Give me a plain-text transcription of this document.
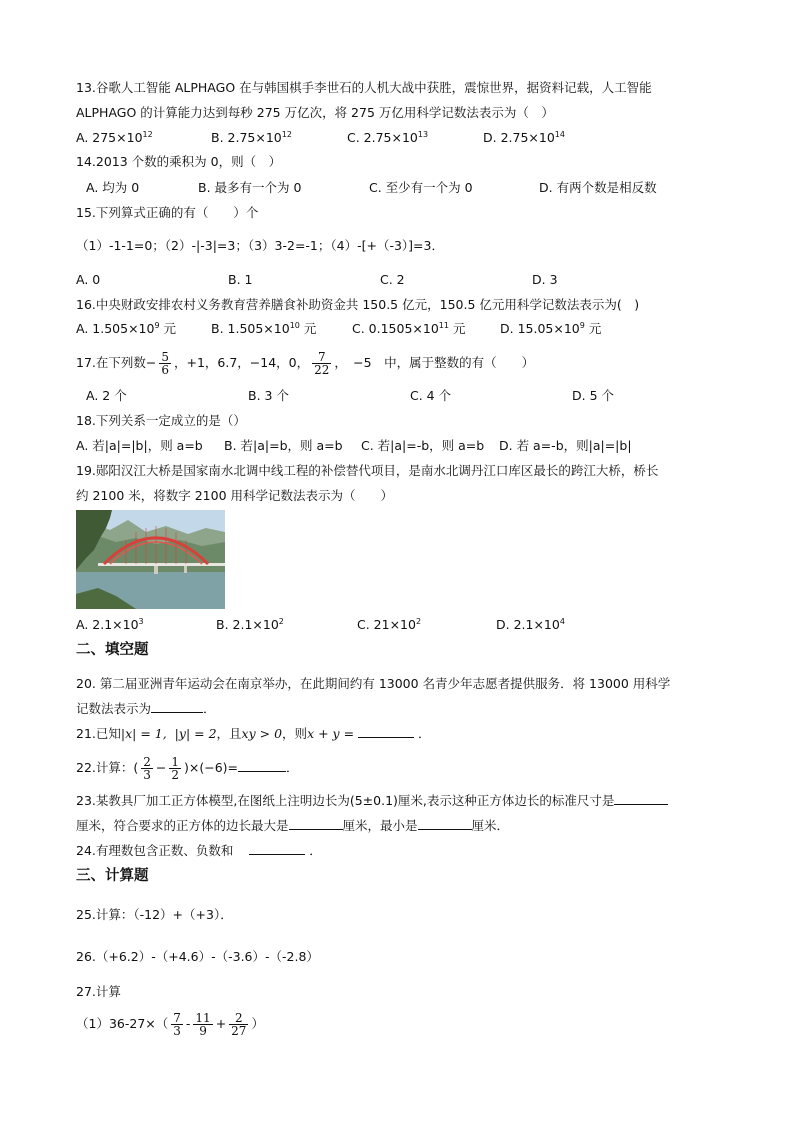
13.谷歌人工智能 ALPHAGO 在与韩国棋手李世石的人机大战中获胜，震惊世界，据资料记载，人工智能
ALPHAGO 的计算能力达到每秒 275 万亿次，将 275 万亿用科学记数法表示为（　）
A. $275\times 10^{12}$	B. $2.75\times 10^{12}$	C. $2.75\times 10^{13}$	D. $2.75\times 10^{14}$
14.2013 个数的乘积为 0，则（　）
A. 均为 0	B. 最多有一个为 0	C. 至少有一个为 0	D. 有两个数是相反数
15.下列算式正确的有（　　）个
（1）-1-1=0；（2）-|-3|=3；（3）3-2=-1；（4）-[+（-3）]=3．
A. 0	B. 1	C. 2	D. 3
16.中央财政安排农村义务教育营养膳食补助资金共 150.5 亿元，150.5 亿元用科学记数法表示为(　)
A. $1.505\times 10^9$ 元	B. $1.505\times 10^{10}$ 元	C. $0.1505\times 10^{11}$ 元	D. $15.05\times 10^9$ 元
17.在下列数− $\frac{5}{6}$ ，+1，6.7，−14，0， $\frac{7}{22}$ ，　−5　中，属于整数的有（　　）
A. 2 个	B. 3 个	C. 4 个	D. 5 个
18.下列关系一定成立的是（）
A. 若|a|=|b|，则 a=b B. 若|a|=b，则 a=b C. 若|a|=-b，则 a=b D. 若 a=-b，则|a|=|b|
19.郧阳汉江大桥是国家南水北调中线工程的补偿替代项目，是南水北调丹江口库区最长的跨江大桥，桥长
约 2100 米，将数字 2100 用科学记数法表示为（　　）
A. $2.1\times 10^3$	B. $2.1\times 10^2$	C. $21\times 10^2$	D. $2.1\times 10^4$
二、填空题
20. 第二届亚洲青年运动会在南京举办，在此期间约有 13000 名青少年志愿者提供服务．将 13000 用科学
记数法表示为	．
21.已知|x| = 1, |y| = 2，且xy > 0，则x + y =	．
22.计算：( $\frac{2}{3} - \frac{1}{2} )\times(-6)=$	．
23.某教具厂加工正方体模型,在图纸上注明边长为(5±0.1)厘米,表示这种正方体边长的标准尺寸是
厘米，符合要求的正方体的边长最大是	厘米，最小是	厘米．
24.有理数包含正数、负数和	．
三、计算题
25.计算：（-12）+（+3）．
26.（+6.2）-（+4.6）-（-3.6）-（-2.8）
27.计算
$(1)36-27\times( \frac{7}{3} - \frac{11}{9} + \frac{2}{27}$ ）
